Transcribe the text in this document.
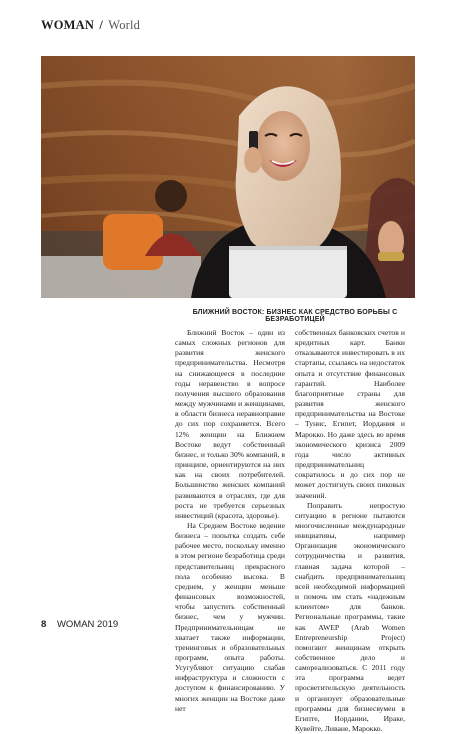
WOMAN / World
БЛИЖНИЙ ВОСТОК: БИЗНЕС КАК СРЕДСТВО БОРЬБЫ С БЕЗРАБОТИЦЕЙ

Ближний Восток – один из самых сложных регионов для развития женского предпринимательства. Несмотря на снижающееся в последние годы неравенство в вопросе получения высшего образования между мужчинами и женщинами, в области бизнеса неравноправие до сих пор сохраняется. Всего 12% женщин на Ближнем Востоке ведут собственный бизнес, и только 30% компаний, в принципе, ориентируются на них как на своих потребителей. Большинство женских компаний развиваются в отраслях, где для роста не требуется серьезных инвестиций (красота, здоровье).

На Среднем Востоке ведение бизнеса – попытка создать себе рабочее место, поскольку именно в этом регионе безработица среди представительниц прекрасного пола особенно высока. В среднем, у женщин меньше финансовых возможностей, чтобы запустить собственный бизнес, чем у мужчин. Предпринимательницам не хватает также информации, тренинговых и образовательных программ, опыта работы. Усугубляют ситуацию слабая инфраструктура и сложности с доступом к финансированию. У многих женщин на Востоке даже нет

собственных банковских счетов и кредитных карт. Банки отказываются инвестировать в их стартапы, ссылаясь на недостаток опыта и отсутствие финансовых гарантий. Наиболее благоприятные страны для развития женского предпринимательства на Востоке – Тунис, Египет, Иордания и Марокко. Но даже здесь во время экономического кризиса 2009 года число активных предпринимательниц сократилось и до сих пор не может достигнуть своих пиковых значений.

Поправить непростую ситуацию в регионе пытаются многочисленные международные инициативы, например Организация экономического сотрудничества и развития, главная задача которой – снабдить предпринимательниц всей необходимой информацией и помочь им стать «надежным клиентом» для банков. Региональные программы, такие как AWEP (Arab Women Entrepreneurship Project) помогают женщинам открыть собственное дело и самореализоваться. С 2011 году эта программа ведет просветительскую деятельность и организует образовательные программы для бизнесвумен в Египте, Иордании, Ираке, Кувейте, Ливане, Марокко.

8 WOMAN 2019
